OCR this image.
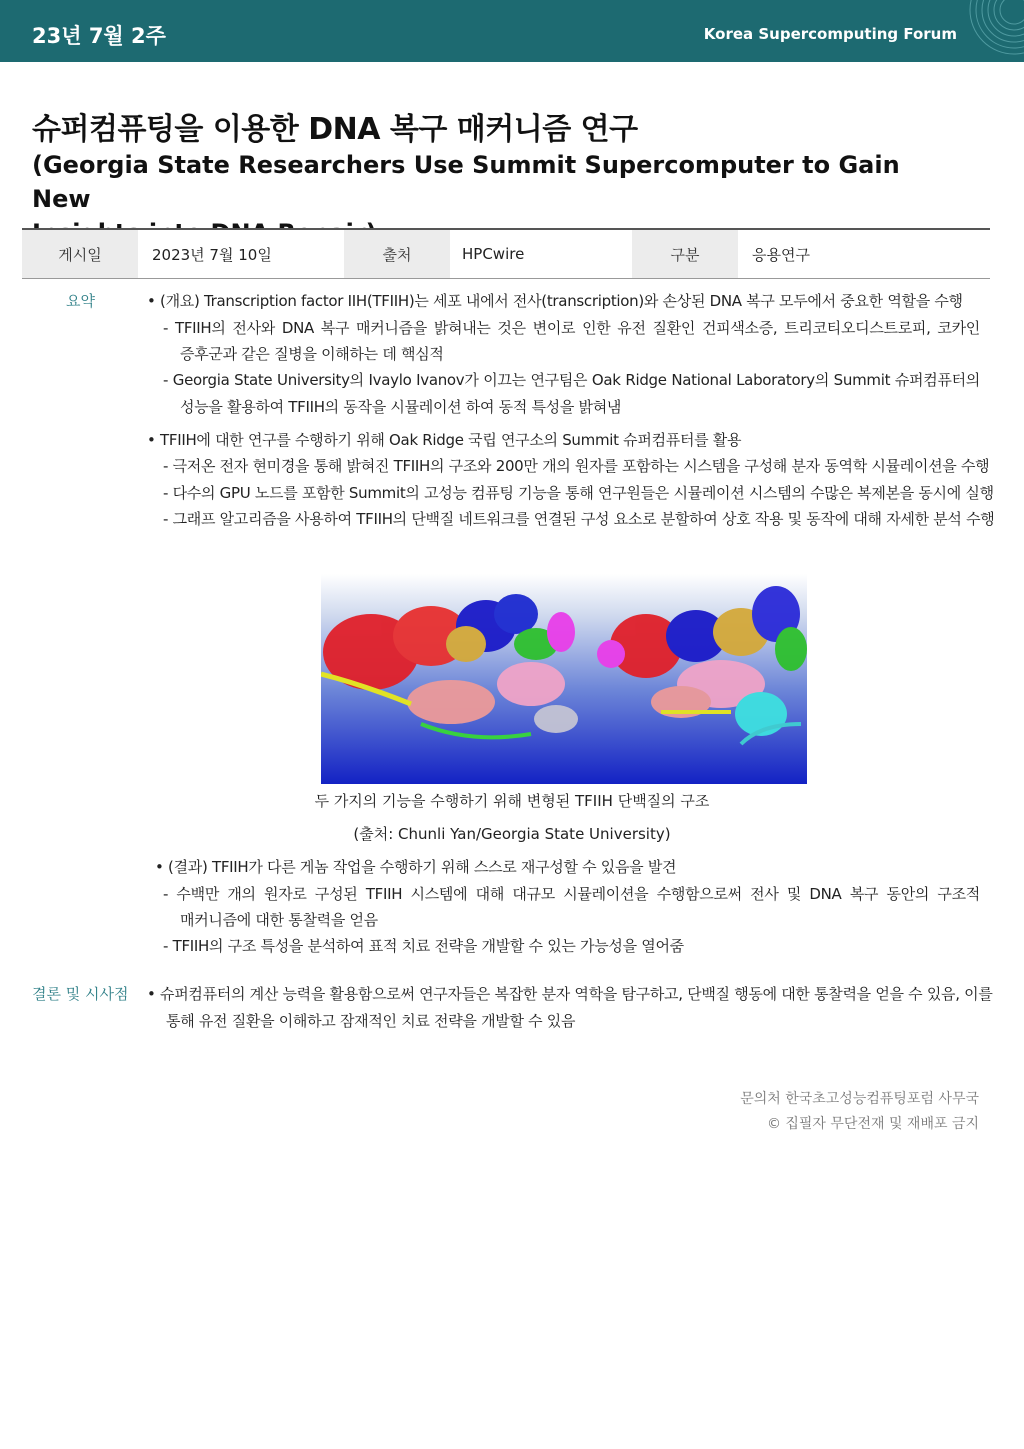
23년 7월 2주	Korea Supercomputing Forum
슈퍼컴퓨팅을 이용한 DNA 복구 매커니즘 연구
(Georgia State Researchers Use Summit Supercomputer to Gain New
게시일	2023년 7월 10일	출처	HPCwire	구분	응용연구
요약	• (개요) Transcription factor IIH(TFIIH)는 세포 내에서 전사(transcription)와 손상된 DNA 복구 모두에서 중요한 역할을 수행
- TFIIH의 전사와 DNA 복구 매커니즘을 밝혀내는 것은 변이로 인한 유전 질환인 건피색소증, 트리코티오디스트로피, 코카인
증후군과 같은 질병을 이해하는 데 핵심적
- Georgia State University의 Ivaylo Ivanov가 이끄는 연구팀은 Oak Ridge National Laboratory의 Summit 슈퍼컴퓨터의
성능을 활용하여 TFIIH의 동작을 시뮬레이션 하여 동적 특성을 밝혀냄
• TFIIH에 대한 연구를 수행하기 위해 Oak Ridge 국립 연구소의 Summit 슈퍼컴퓨터를 활용
- 극저온 전자 현미경을 통해 밝혀진 TFIIH의 구조와 200만 개의 원자를 포함하는 시스템을 구성해 분자 동역학 시뮬레이션을 수행
- 다수의 GPU 노드를 포함한 Summit의 고성능 컴퓨팅 기능을 통해 연구원들은 시뮬레이션 시스템의 수많은 복제본을 동시에 실행
- 그래프 알고리즘을 사용하여 TFIIH의 단백질 네트워크를 연결된 구성 요소로 분할하여 상호 작용 및 동작에 대해 자세한 분석 수행
두 가지의 기능을 수행하기 위해 변형된 TFIIH 단백질의 구조
(출처: Chunli Yan/Georgia State University)
• (결과) TFIIH가 다른 게놈 작업을 수행하기 위해 스스로 재구성할 수 있음을 발견
- 수백만 개의 원자로 구성된 TFIIH 시스템에 대해 대규모 시뮬레이션을 수행함으로써 전사 및 DNA 복구 동안의 구조적
매커니즘에 대한 통찰력을 얻음
- TFIIH의 구조 특성을 분석하여 표적 치료 전략을 개발할 수 있는 가능성을 열어줌
결론 및 시사점 • 슈퍼컴퓨터의 계산 능력을 활용함으로써 연구자들은 복잡한 분자 역학을 탐구하고, 단백질 행동에 대한 통찰력을 얻을 수 있음, 이를
통해 유전 질환을 이해하고 잠재적인 치료 전략을 개발할 수 있음
문의처 한국초고성능컴퓨팅포럼 사무국
© 집필자 무단전재 및 재배포 금지
